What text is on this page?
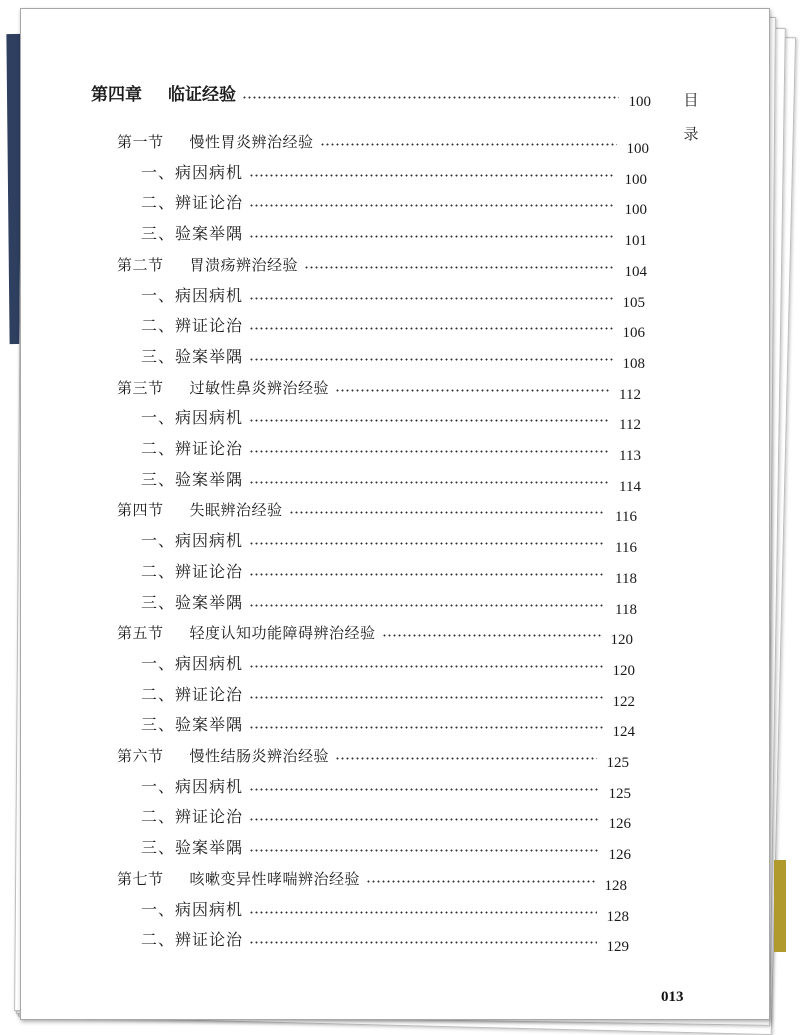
目录
第四章 临证经验	100
第一节 慢性胃炎辨治经验	100
一、病因病机	100
二、辨证论治	100
三、验案举隅	101
第二节 胃溃疡辨治经验	104
一、病因病机	105
二、辨证论治	106
三、验案举隅	108
第三节 过敏性鼻炎辨治经验	112
一、病因病机	112
二、辨证论治	113
三、验案举隅	114
第四节 失眠辨治经验	116
一、病因病机	116
二、辨证论治	118
三、验案举隅	118
第五节 轻度认知功能障碍辨治经验	120
一、病因病机	120
二、辨证论治	122
三、验案举隅	124
第六节 慢性结肠炎辨治经验	125
一、病因病机	125
二、辨证论治	126
三、验案举隅	126
第七节 咳嗽变异性哮喘辨治经验	128
一、病因病机	128
二、辨证论治	129
013
